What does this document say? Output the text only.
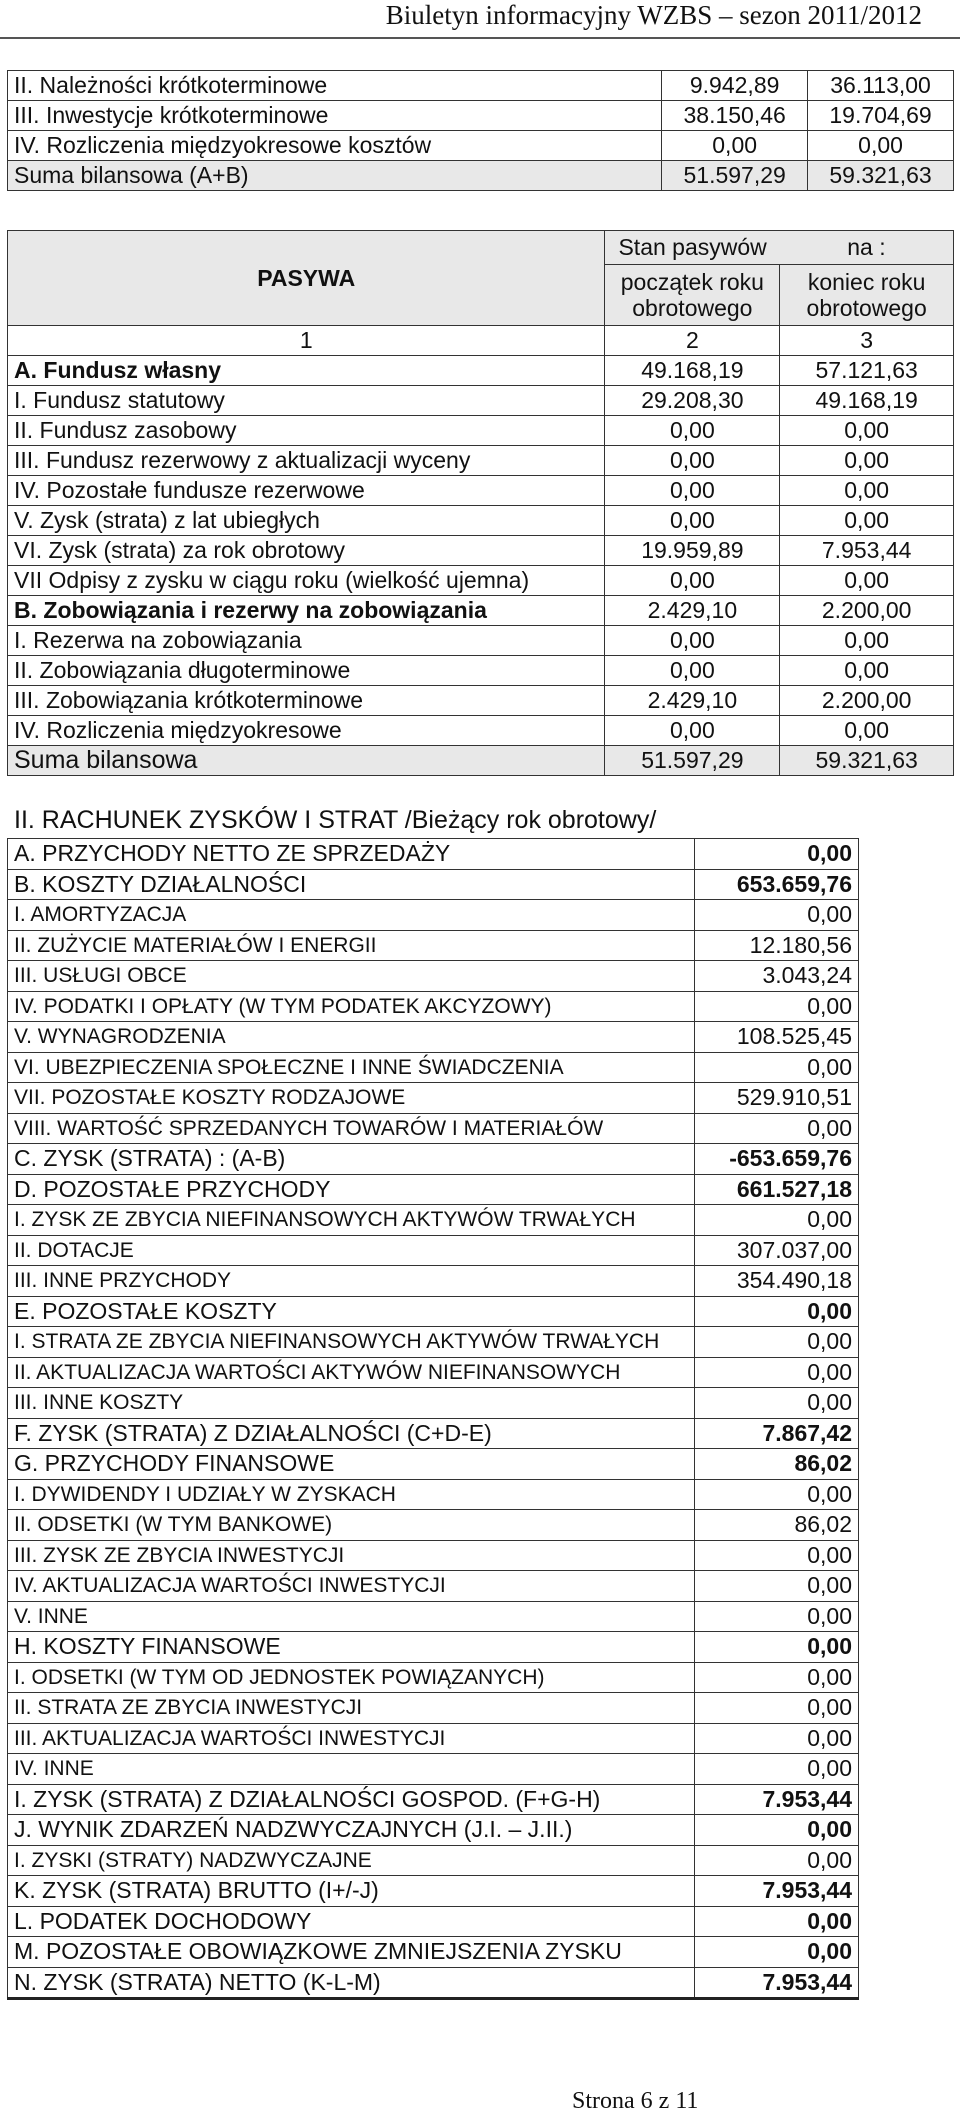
Biuletyn informacyjny WZBS – sezon 2011/2012
II. Należności krótkoterminowe	9.942,89	36.113,00
III. Inwestycje krótkoterminowe	38.150,46	19.704,69
IV. Rozliczenia międzyokresowe kosztów	0,00	0,00
Suma bilansowa (A+B)	51.597,29	59.321,63
PASYWA	Stan pasywów	na :
	początek roku obrotowego	koniec roku obrotowego
1	2	3
A. Fundusz własny	49.168,19	57.121,63
I. Fundusz statutowy	29.208,30	49.168,19
II. Fundusz zasobowy	0,00	0,00
III. Fundusz rezerwowy z aktualizacji wyceny	0,00	0,00
IV. Pozostałe fundusze rezerwowe	0,00	0,00
V. Zysk (strata) z lat ubiegłych	0,00	0,00
VI. Zysk (strata) za rok obrotowy	19.959,89	7.953,44
VII Odpisy z zysku w ciągu roku (wielkość ujemna)	0,00	0,00
B. Zobowiązania i rezerwy na zobowiązania	2.429,10	2.200,00
I. Rezerwa na zobowiązania	0,00	0,00
II. Zobowiązania długoterminowe	0,00	0,00
III. Zobowiązania krótkoterminowe	2.429,10	2.200,00
IV. Rozliczenia międzyokresowe	0,00	0,00
Suma bilansowa	51.597,29	59.321,63
II. RACHUNEK ZYSKÓW I STRAT /Bieżący rok obrotowy/
A. PRZYCHODY NETTO ZE SPRZEDAŻY	0,00
B. KOSZTY DZIAŁALNOŚCI	653.659,76
I. AMORTYZACJA	0,00
II. ZUŻYCIE MATERIAŁÓW I ENERGII	12.180,56
III. USŁUGI OBCE	3.043,24
IV. PODATKI I OPŁATY (W TYM PODATEK AKCYZOWY)	0,00
V. WYNAGRODZENIA	108.525,45
VI. UBEZPIECZENIA SPOŁECZNE I INNE ŚWIADCZENIA	0,00
VII. POZOSTAŁE KOSZTY RODZAJOWE	529.910,51
VIII. WARTOŚĆ SPRZEDANYCH TOWARÓW I MATERIAŁÓW	0,00
C. ZYSK (STRATA) : (A-B)	-653.659,76
D. POZOSTAŁE PRZYCHODY	661.527,18
I. ZYSK ZE ZBYCIA NIEFINANSOWYCH AKTYWÓW TRWAŁYCH	0,00
II. DOTACJE	307.037,00
III. INNE PRZYCHODY	354.490,18
E. POZOSTAŁE KOSZTY	0,00
I. STRATA ZE ZBYCIA NIEFINANSOWYCH AKTYWÓW TRWAŁYCH	0,00
II. AKTUALIZACJA WARTOŚCI AKTYWÓW NIEFINANSOWYCH	0,00
III. INNE KOSZTY	0,00
F. ZYSK (STRATA) Z DZIAŁALNOŚCI (C+D-E)	7.867,42
G. PRZYCHODY FINANSOWE	86,02
I. DYWIDENDY I UDZIAŁY W ZYSKACH	0,00
II. ODSETKI (W TYM BANKOWE)	86,02
III. ZYSK ZE ZBYCIA INWESTYCJI	0,00
IV. AKTUALIZACJA WARTOŚCI INWESTYCJI	0,00
V. INNE	0,00
H. KOSZTY FINANSOWE	0,00
I. ODSETKI (W TYM OD JEDNOSTEK POWIĄZANYCH)	0,00
II. STRATA ZE ZBYCIA INWESTYCJI	0,00
III. AKTUALIZACJA WARTOŚCI INWESTYCJI	0,00
IV. INNE	0,00
I. ZYSK (STRATA) Z DZIAŁALNOŚCI GOSPOD. (F+G-H)	7.953,44
J. WYNIK ZDARZEŃ NADZWYCZAJNYCH (J.I. – J.II.)	0,00
I. ZYSKI (STRATY) NADZWYCZAJNE	0,00
K. ZYSK (STRATA) BRUTTO (I+/-J)	7.953,44
L. PODATEK DOCHODOWY	0,00
M. POZOSTAŁE OBOWIĄZKOWE ZMNIEJSZENIA ZYSKU	0,00
N. ZYSK (STRATA) NETTO (K-L-M)	7.953,44
Strona 6 z 11
